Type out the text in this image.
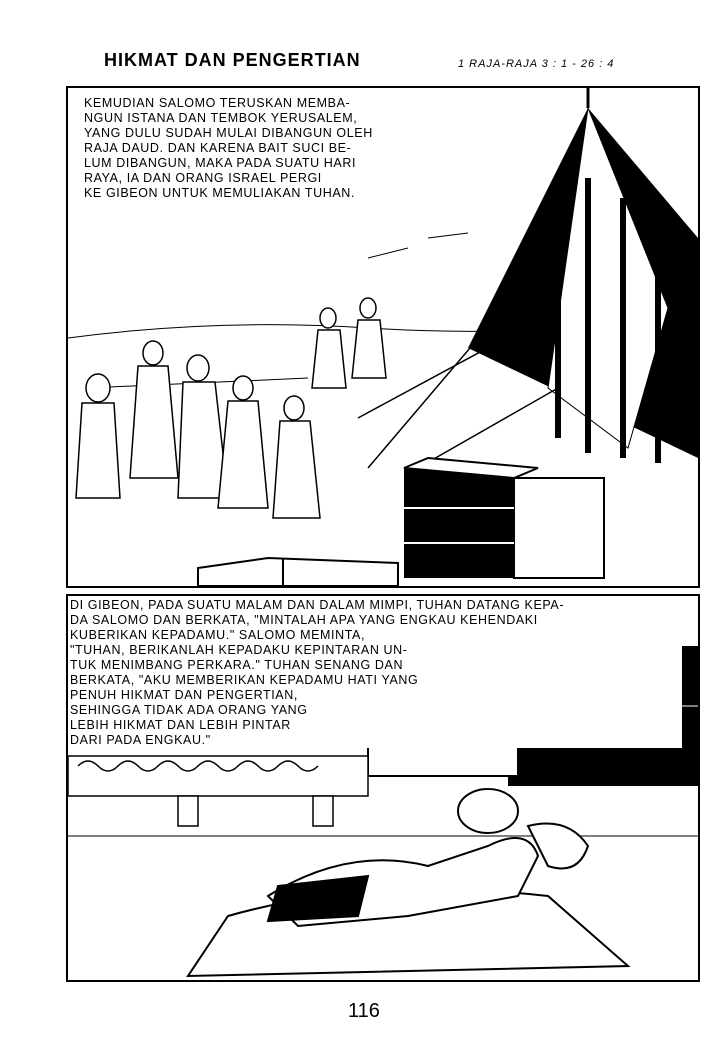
HIKMAT DAN PENGERTIAN	1 RAJA-RAJA 3 : 1 - 26 : 4
KEMUDIAN SALOMO TERUSKAN MEMBA-
NGUN ISTANA DAN TEMBOK YERUSALEM,
YANG DULU SUDAH MULAI DIBANGUN OLEH
RAJA DAUD. DAN KARENA BAIT SUCI BE-
LUM DIBANGUN, MAKA PADA SUATU HARI
RAYA, IA DAN ORANG ISRAEL PERGI
KE GIBEON UNTUK MEMULIAKAN TUHAN.
DI GIBEON, PADA SUATU MALAM DAN DALAM MIMPI, TUHAN DATANG KEPA-
DA SALOMO DAN BERKATA, "MINTALAH APA YANG ENGKAU KEHENDAKI
KUBERIKAN KEPADAMU." SALOMO MEMINTA,
"TUHAN, BERIKANLAH KEPADAKU KEPINTARAN UN-
TUK MENIMBANG PERKARA." TUHAN SENANG DAN
BERKATA, "AKU MEMBERIKAN KEPADAMU HATI YANG
PENUH HIKMAT DAN PENGERTIAN,
SEHINGGA TIDAK ADA ORANG YANG
LEBIH HIKMAT DAN LEBIH PINTAR
DARI PADA ENGKAU."
116
